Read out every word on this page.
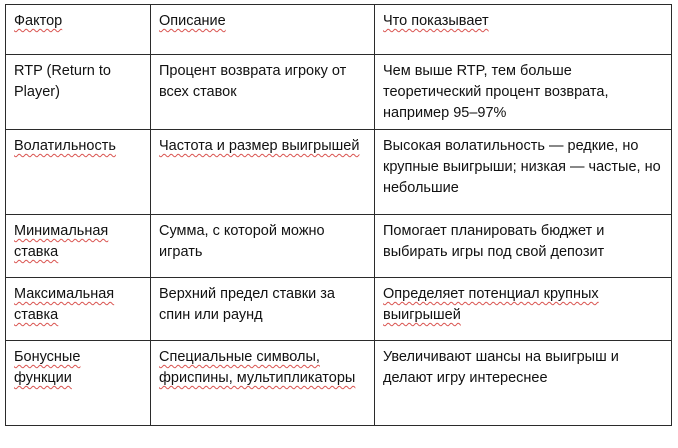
Фактор	Описание	Что показывает
RTP (Return to Player)	Процент возврата игроку от всех ставок	Чем выше RTP, тем больше теоретический процент возврата, например 95–97%
Волатильность	Частота и размер выигрышей	Высокая волатильность — редкие, но крупные выигрыши; низкая — частые, но небольшие
Минимальная ставка	Сумма, с которой можно играть	Помогает планировать бюджет и выбирать игры под свой депозит
Максимальная ставка	Верхний предел ставки за спин или раунд	Определяет потенциал крупных выигрышей
Бонусные функции	Специальные символы, фриспины, мультипликаторы	Увеличивают шансы на выигрыш и делают игру интереснее
